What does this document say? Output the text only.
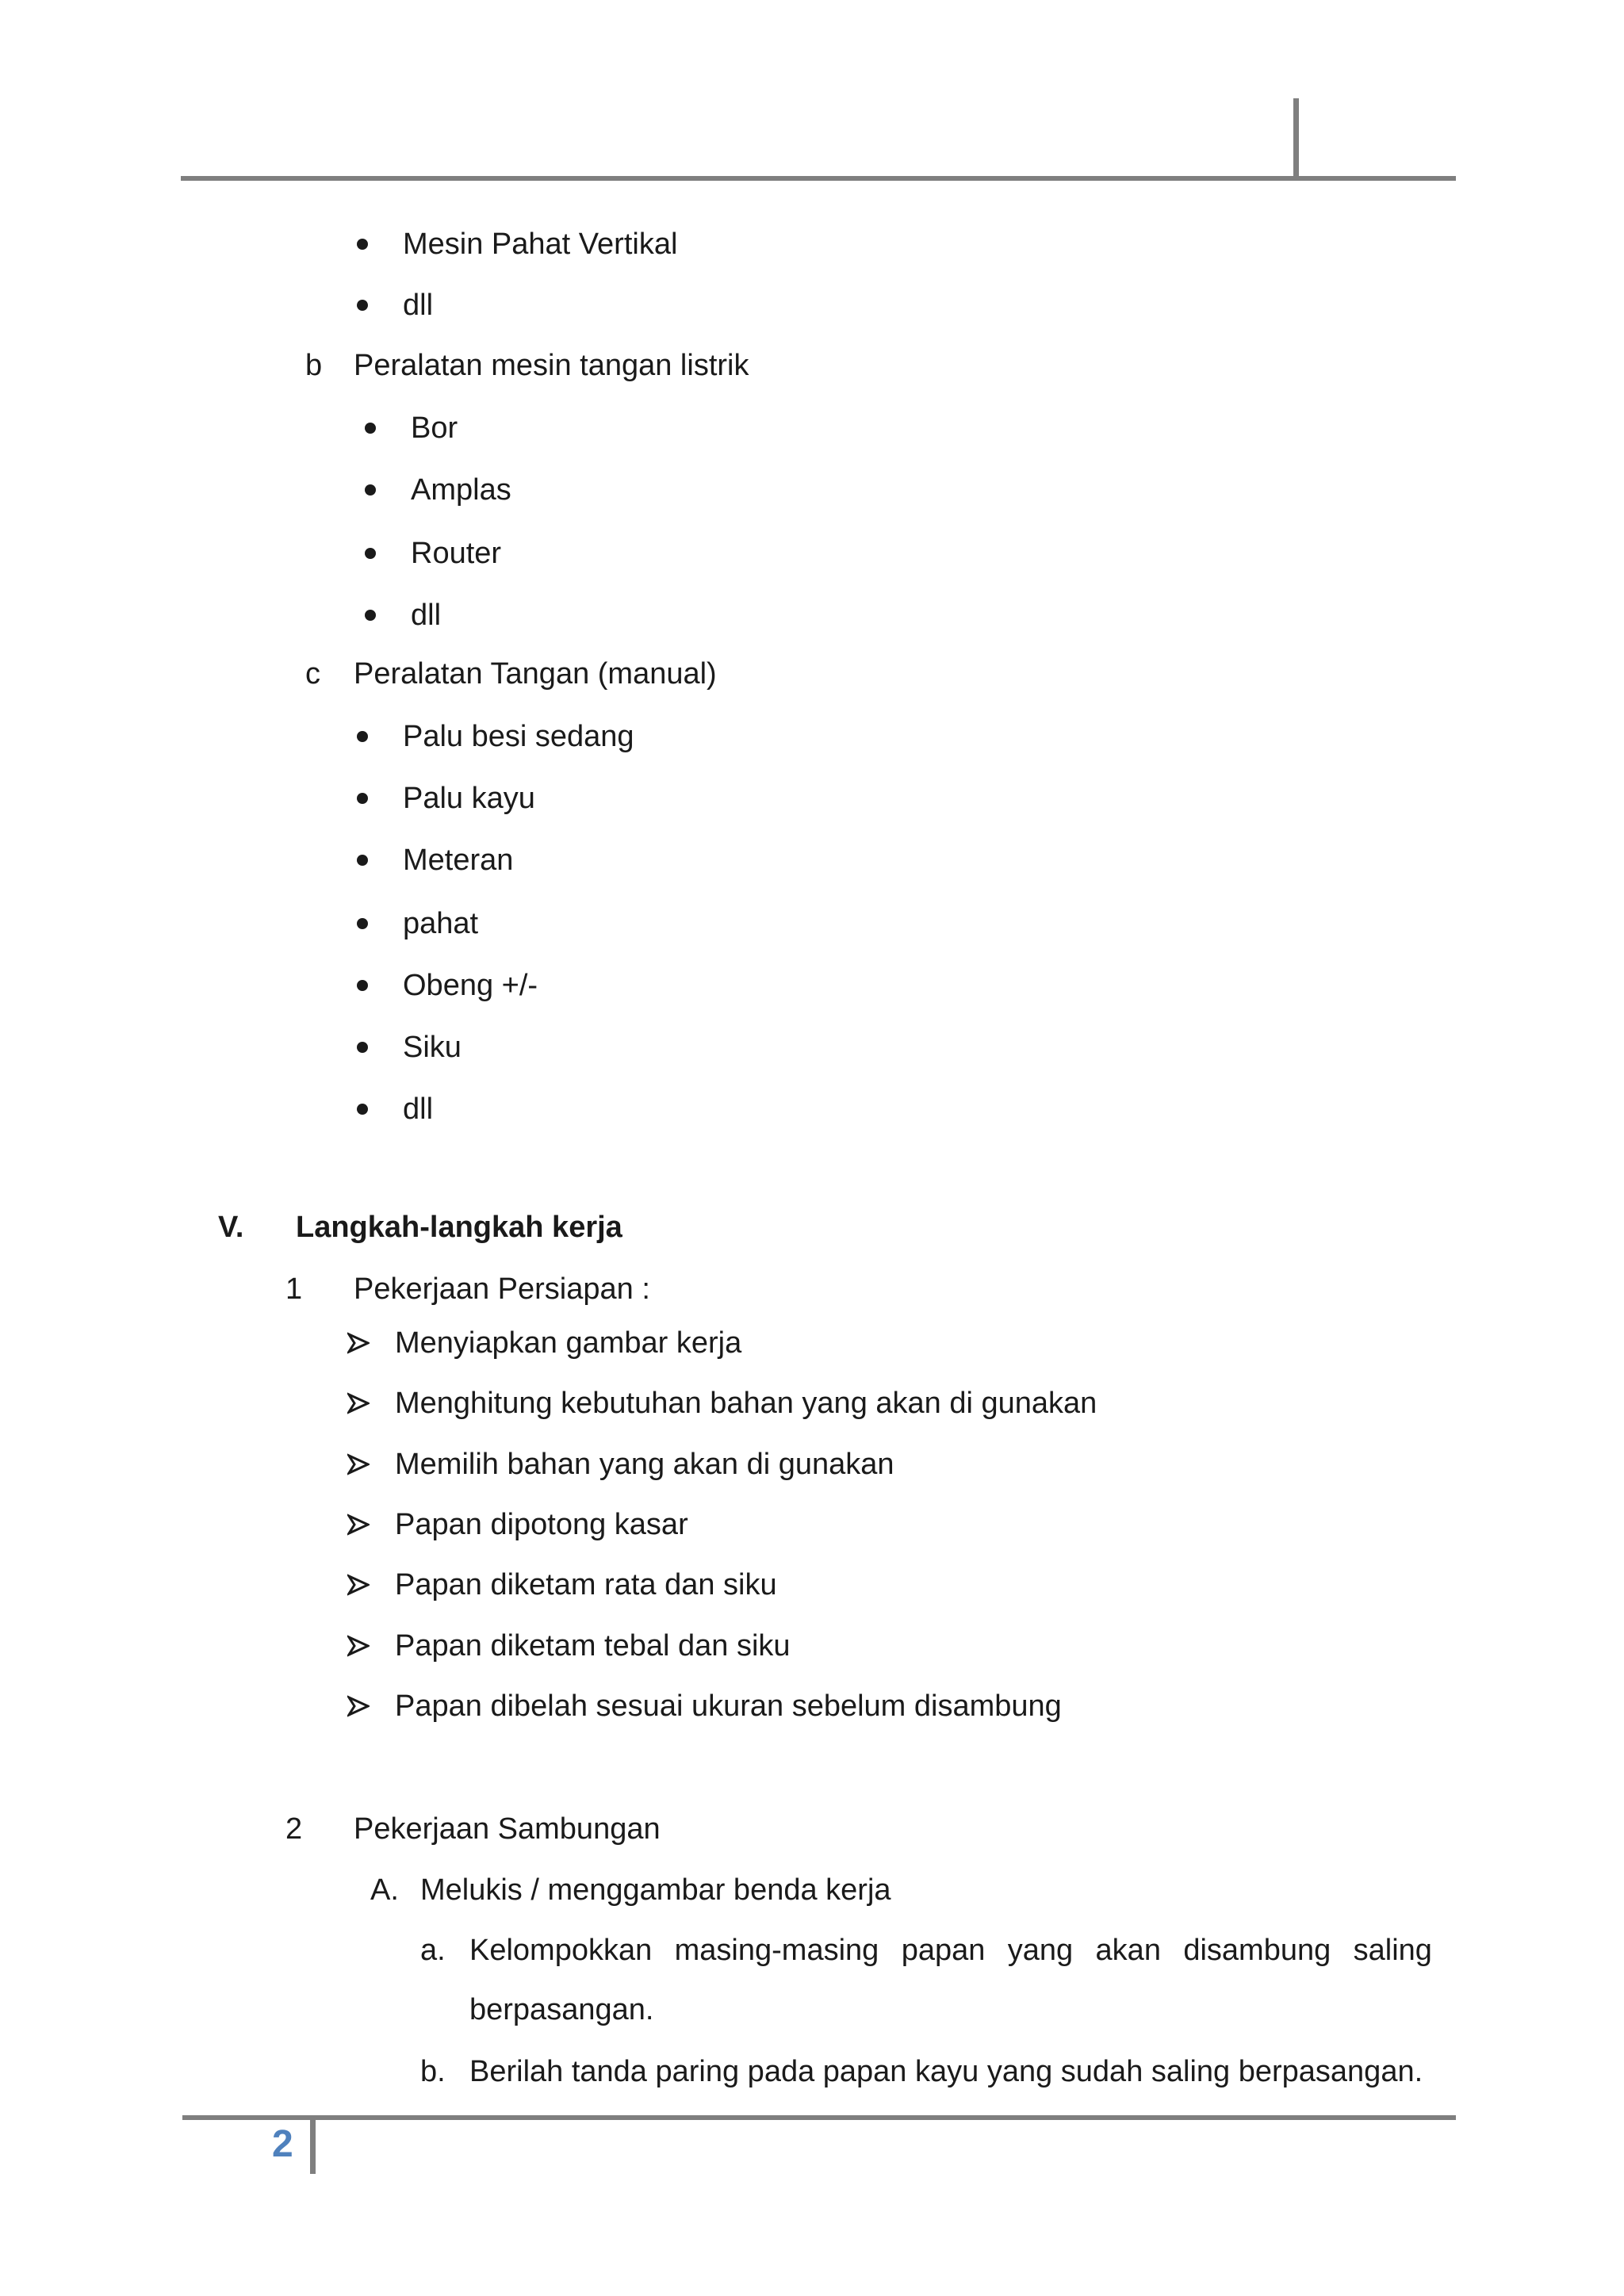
Mesin Pahat Vertikal
dll
b Peralatan mesin tangan listrik
Bor
Amplas
Router
dll
c Peralatan Tangan (manual)
Palu besi sedang
Palu kayu
Meteran
pahat
Obeng +/-
Siku
dll
V. Langkah-langkah kerja
1 Pekerjaan Persiapan :
Menyiapkan gambar kerja
Menghitung kebutuhan bahan yang akan di gunakan
Memilih bahan yang akan di gunakan
Papan dipotong kasar
Papan diketam rata dan siku
Papan diketam tebal dan siku
Papan dibelah sesuai ukuran sebelum disambung
2 Pekerjaan Sambungan
A. Melukis / menggambar benda kerja
a. Kelompokkan masing-masing papan yang akan disambung saling
berpasangan.
b. Berilah tanda paring pada papan kayu yang sudah saling berpasangan.
2
